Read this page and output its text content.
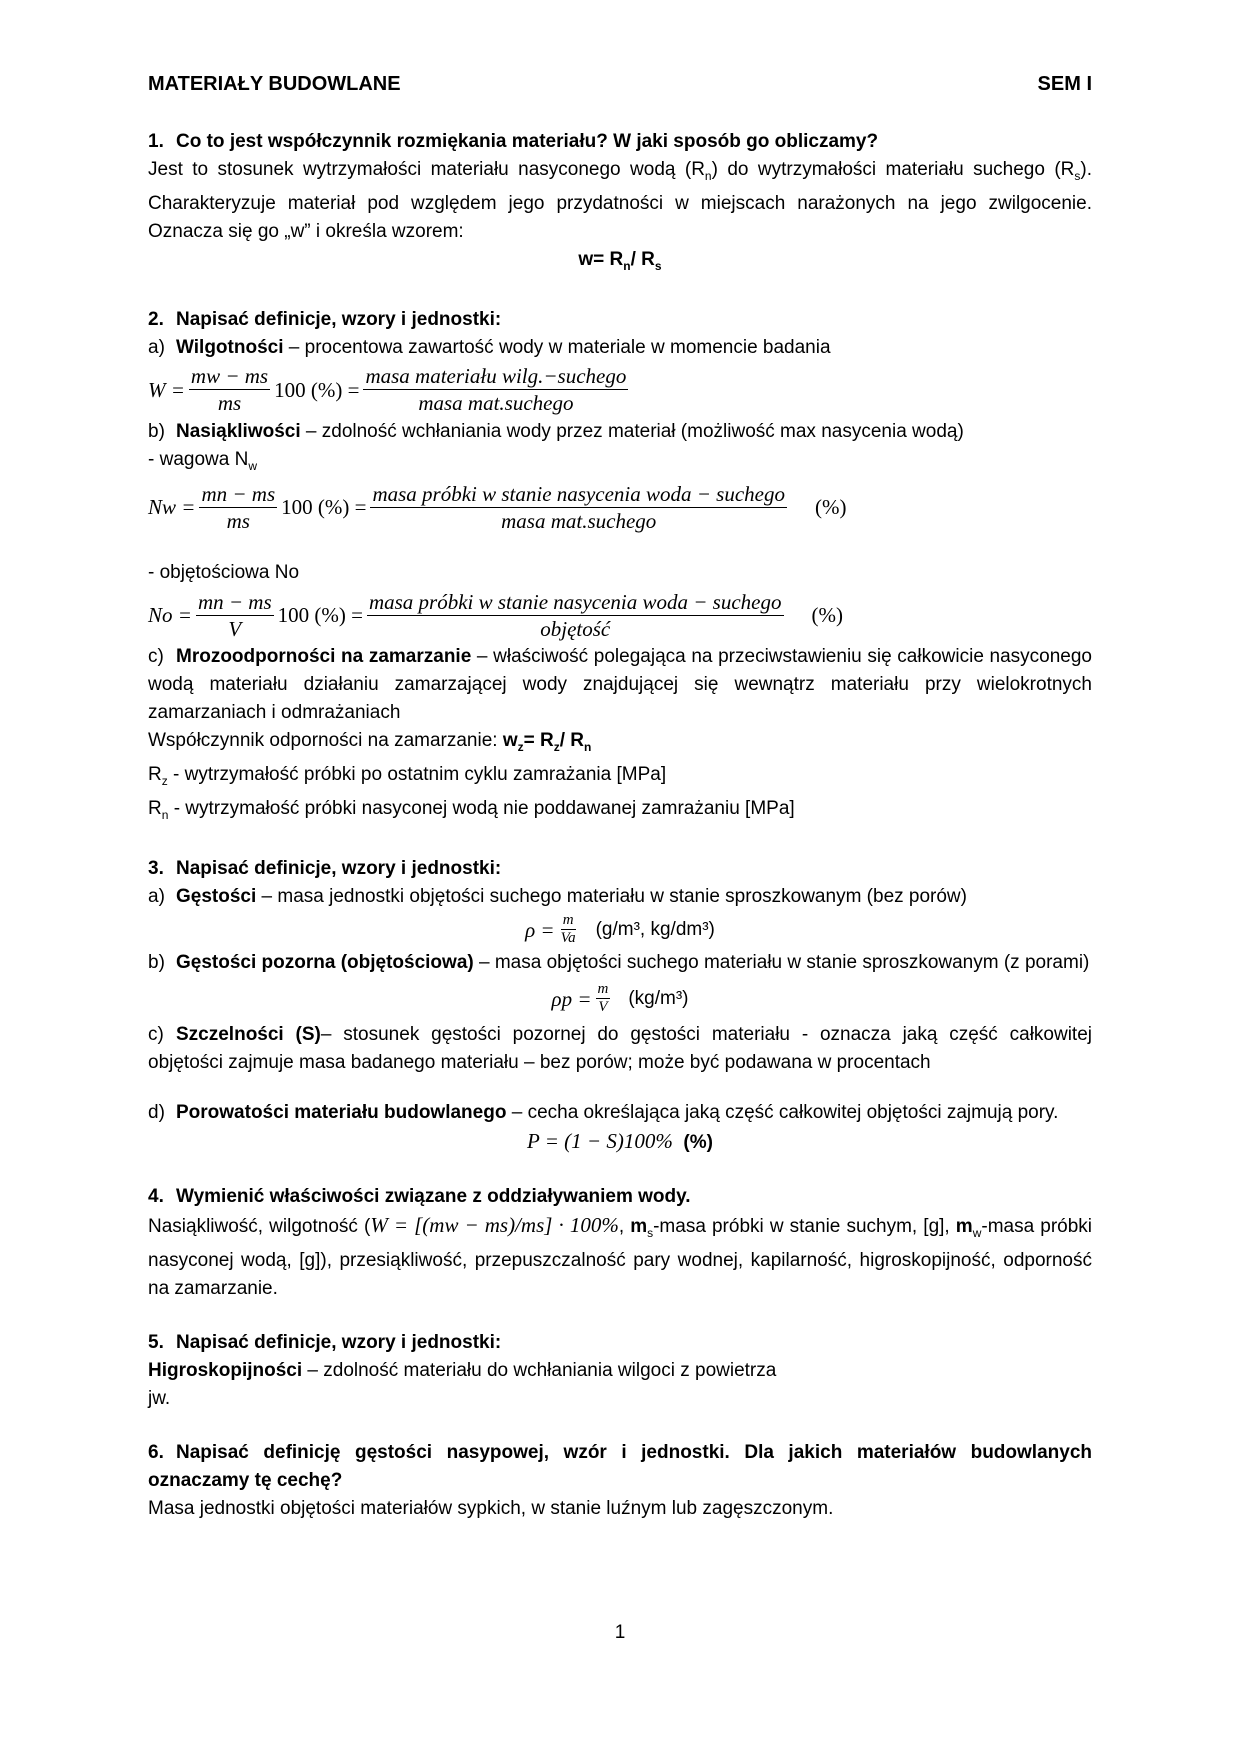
MATERIAŁY BUDOWLANE	SEM I
1. Co to jest współczynnik rozmiękania materiału? W jaki sposób go obliczamy?

Jest to stosunek wytrzymałości materiału nasyconego wodą $(R_n)$ do wytrzymałości materiału suchego $(R_s)$. Charakteryzuje materiał pod względem jego przydatności w miejscach narażonych na jego zwilgocenie. Oznacza się go „w” i określa wzorem:

$w= R_n/$ $R_s$

2. Napisać definicje, wzory i jednostki:

a) Wilgotności – procentowa zawartość wody w materiale w momencie badania

$W = \frac{mw - ms}{ms} 100$ (%) = $\frac{\text{masa materiału wilg.−suchego}}{\text{masa mat.suchego}}$

b) Nasiąkliwości – zdolność wchłaniania wody przez materiał (możliwość max nasycenia wodą)

- wagowa $N_w$

$Nw = \frac{mn - ms}{ms} 100$ (%) = $\frac{\text{masa próbki w stanie nasycenia woda − suchego}}{\text{masa mat.suchego}}$ (%)

- objętościowa No

$No = \frac{mn - ms}{V} 100$ (%) = $\frac{\text{masa próbki w stanie nasycenia woda − suchego}}{\text{objętość}}$ (%)

c) Mrozoodporności na zamarzanie – właściwość polegająca na przeciwstawieniu się całkowicie nasyconego wodą materiału działaniu zamarzającej wody znajdującej się wewnątrz materiału przy wielokrotnych zamarzaniach i odmrażaniach

Współczynnik odporności na zamarzanie: $w_z= R_z/$ $R_n$

$R_z$ - wytrzymałość próbki po ostatnim cyklu zamrażania [MPa]

$R_n$ - wytrzymałość próbki nasyconej wodą nie poddawanej zamrażaniu [MPa]

3. Napisać definicje, wzory i jednostki:

a) Gęstości – masa jednostki objętości suchego materiału w stanie sproszkowanym (bez porów)

$\rho = \frac{m}{Va} (g/m^3$, kg/dm³)

b) Gęstości pozorna (objętościowa) – masa objętości suchego materiału w stanie sproszkowanym (z porami)

$\rho p = \frac{m}{V} (kg/m^3)$

c) Szczelności (S)– stosunek gęstości pozornej do gęstości materiału - oznacza jaką część całkowitej objętości zajmuje masa badanego materiału – bez porów; może być podawana w procentach

d) Porowatości materiału budowlanego – cecha określająca jaką część całkowitej objętości zajmują pory.

P = (1 − S)100% (%)

4. Wymienić właściwości związane z oddziaływaniem wody.

Nasiąkliwość, wilgotność (W = [(mw − ms)/ms] · 100%, $m_s$-masa próbki w stanie suchym, [g], $m_w$-masa próbki nasyconej wodą, [g]), przesiąkliwość, przepuszczalność pary wodnej, kapilarność, higroskopijność, odporność na zamarzanie.

5. Napisać definicje, wzory i jednostki:

Higroskopijności – zdolność materiału do wchłaniania wilgoci z powietrza

jw.

6. Napisać definicję gęstości nasypowej, wzór i jednostki. Dla jakich materiałów budowlanych oznaczamy tę cechę?

Masa jednostki objętości materiałów sypkich, w stanie luźnym lub zagęszczonym.

1
